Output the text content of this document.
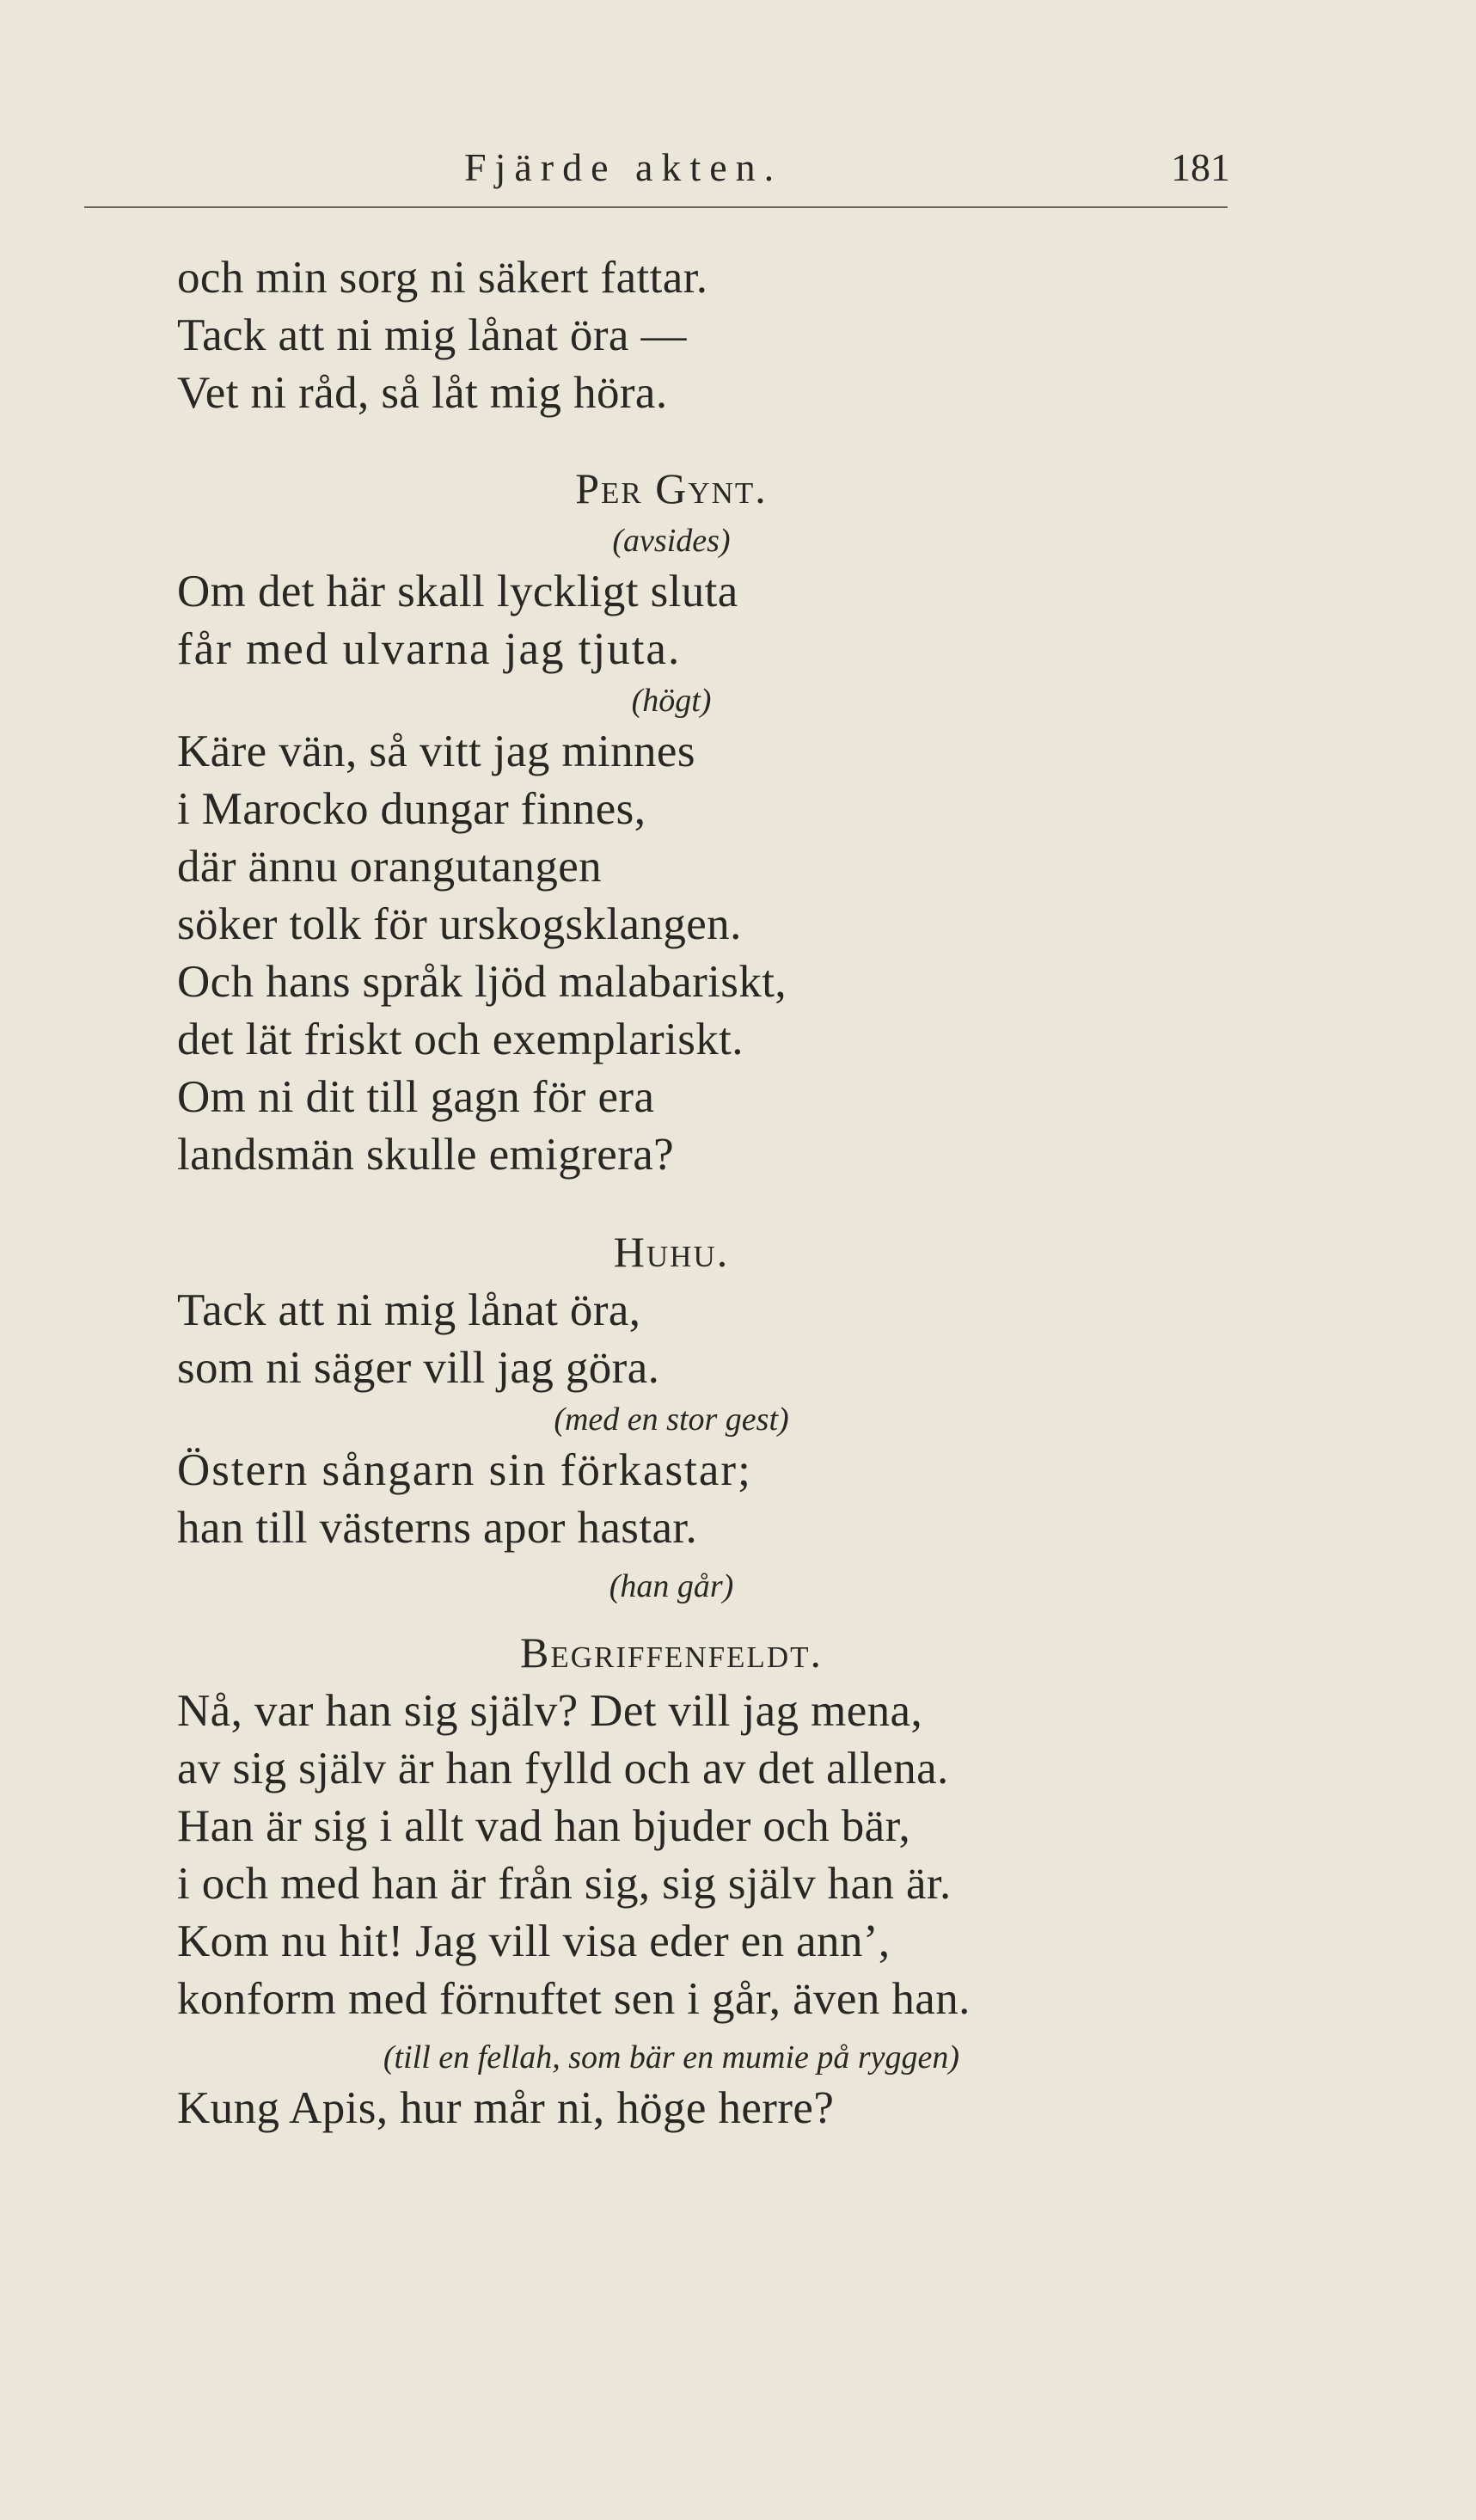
Fjärde akten.	181
och min sorg ni säkert fattar.
Tack att ni mig lånat öra —
Vet ni råd, så låt mig höra.
Per Gynt.
(avsides)
Om det här skall lyckligt sluta
får med ulvarna jag tjuta.
(högt)
Käre vän, så vitt jag minnes
i Marocko dungar finnes,
där ännu orangutangen
söker tolk för urskogsklangen.
Och hans språk ljöd malabariskt,
det lät friskt och exemplariskt.
Om ni dit till gagn för era
landsmän skulle emigrera?
Huhu.
Tack att ni mig lånat öra,
som ni säger vill jag göra.
(med en stor gest)
Östern sångarn sin förkastar;
han till västerns apor hastar.
(han går)
Begriffenfeldt.
Nå, var han sig själv? Det vill jag mena,
av sig själv är han fylld och av det allena.
Han är sig i allt vad han bjuder och bär,
i och med han är från sig, sig själv han är.
Kom nu hit! Jag vill visa eder en ann’,
konform med förnuftet sen i går, även han.
(till en fellah, som bär en mumie på ryggen)
Kung Apis, hur mår ni, höge herre?
